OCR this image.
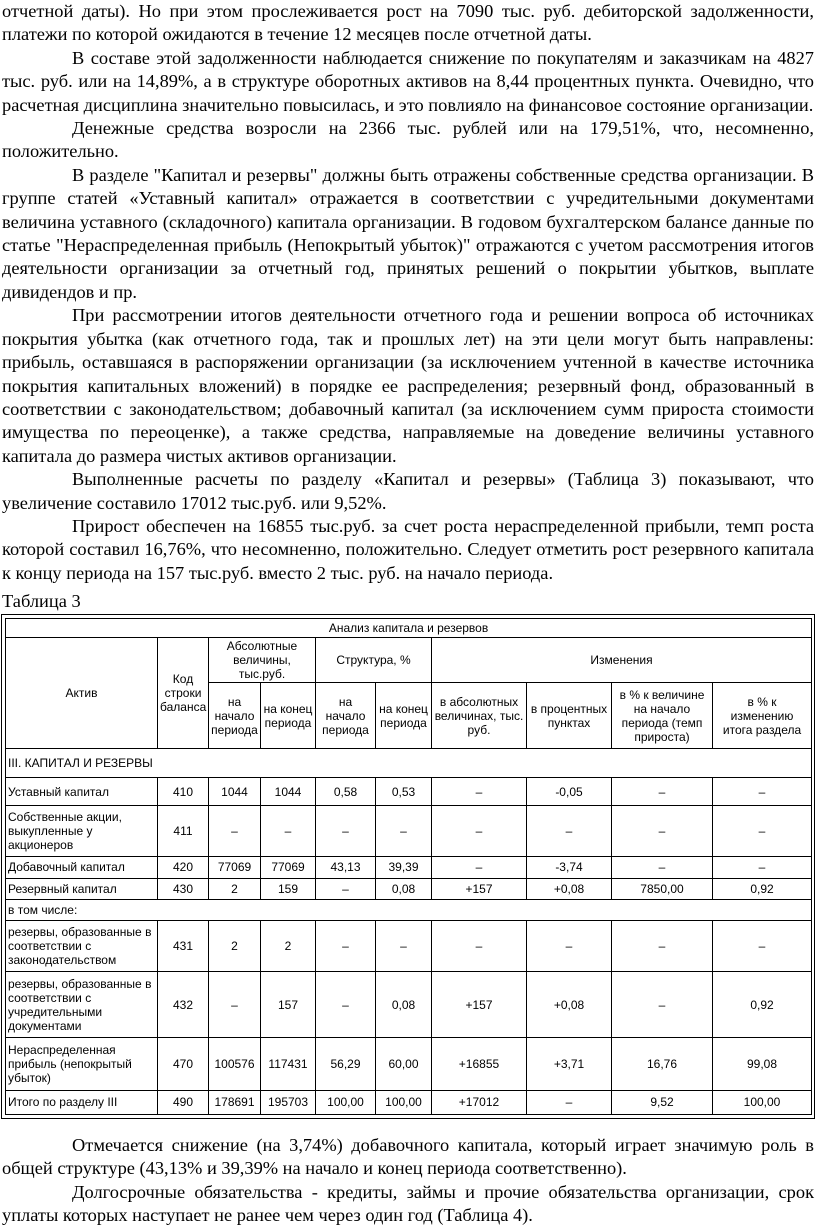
отчетной даты). Но при этом прослеживается рост на 7090 тыс. руб. дебиторской задолженности, платежи по которой ожидаются в течение 12 месяцев после отчетной даты.

В составе этой задолженности наблюдается снижение по покупателям и заказчикам на 4827 тыс. руб. или на 14,89%, а в структуре оборотных активов на 8,44 процентных пункта. Очевидно, что расчетная дисциплина значительно повысилась, и это повлияло на финансовое состояние организации.

Денежные средства возросли на 2366 тыс. рублей или на 179,51%, что, несомненно, положительно.

В разделе "Капитал и резервы" должны быть отражены собственные средства организации. В группе статей «Уставный капитал» отражается в соответствии с учредительными документами величина уставного (складочного) капитала организации. В годовом бухгалтерском балансе данные по статье "Нераспределенная прибыль (Непокрытый убыток)" отражаются с учетом рассмотрения итогов деятельности организации за отчетный год, принятых решений о покрытии убытков, выплате дивидендов и пр.

При рассмотрении итогов деятельности отчетного года и решении вопроса об источниках покрытия убытка (как отчетного года, так и прошлых лет) на эти цели могут быть направлены: прибыль, оставшаяся в распоряжении организации (за исключением учтенной в качестве источника покрытия капитальных вложений) в порядке ее распределения; резервный фонд, образованный в соответствии с законодательством; добавочный капитал (за исключением сумм прироста стоимости имущества по переоценке), а также средства, направляемые на доведение величины уставного капитала до размера чистых активов организации.

Выполненные расчеты по разделу «Капитал и резервы» (Таблица 3) показывают, что увеличение составило 17012 тыс.руб. или 9,52%.

Прирост обеспечен на 16855 тыс.руб. за счет роста нераспределенной прибыли, темп роста которой составил 16,76%, что несомненно, положительно. Следует отметить рост резервного капитала к концу периода на 157 тыс.руб. вместо 2 тыс. руб. на начало периода.

Таблица 3
Анализ капитала и резервов									
Актив	Код строки баланса	Абсолютные величины, тыс.руб.		Структура, %		Изменения			
		на начало периода	на конец периода	на начало периода	на конец периода	в абсолютных величинах, тыс. руб.	в процентных пунктах	в % к величине на начало периода (темп прироста)	в % к изменению итога раздела
III. КАПИТАЛ И РЕЗЕРВЫ									
Уставный капитал	410	1044	1044	0,58	0,53	–	-0,05	–	–
Собственные акции, выкупленные у акционеров	411	–	–	–	–	–	–	–	–
Добавочный капитал	420	77069	77069	43,13	39,39	–	-3,74	–	–
Резервный капитал	430	2	159	–	0,08	+157	+0,08	7850,00	0,92
в том числе:									
резервы, образованные в соответствии с законодательством	431	2	2	–	–	–	–	–	–
резервы, образованные в соответствии с учредительными документами	432	–	157	–	0,08	+157	+0,08	–	0,92
Нераспределенная прибыль (непокрытый убыток)	470	100576	117431	56,29	60,00	+16855	+3,71	16,76	99,08
Итого по разделу III	490	178691	195703	100,00	100,00	+17012	–	9,52	100,00

Отмечается снижение (на 3,74%) добавочного капитала, который играет значимую роль в общей структуре (43,13% и 39,39% на начало и конец периода соответственно).

Долгосрочные обязательства - кредиты, займы и прочие обязательства организации, срок уплаты которых наступает не ранее чем через один год (Таблица 4).
